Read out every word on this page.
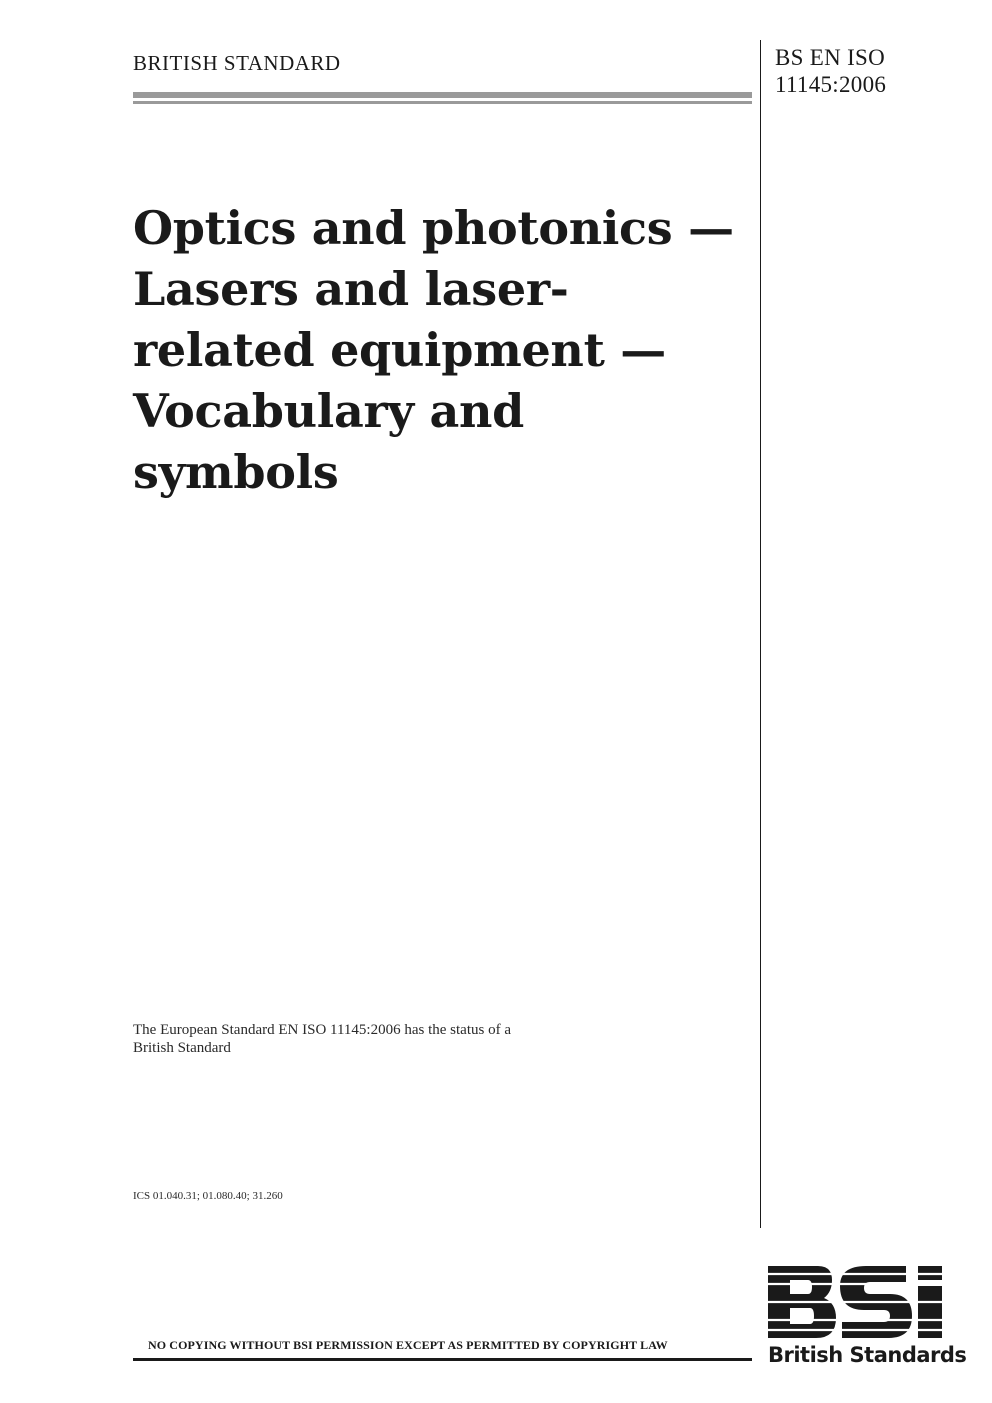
BRITISH STANDARD	BS EN ISO
11145:2006
Optics and photonics —
Lasers and laser-
related equipment —
Vocabulary and
symbols
The European Standard EN ISO 11145:2006 has the status of a
British Standard
ICS 01.040.31; 01.080.40; 31.260
NO COPYING WITHOUT BSI PERMISSION EXCEPT AS PERMITTED BY COPYRIGHT LAW	British Standards
